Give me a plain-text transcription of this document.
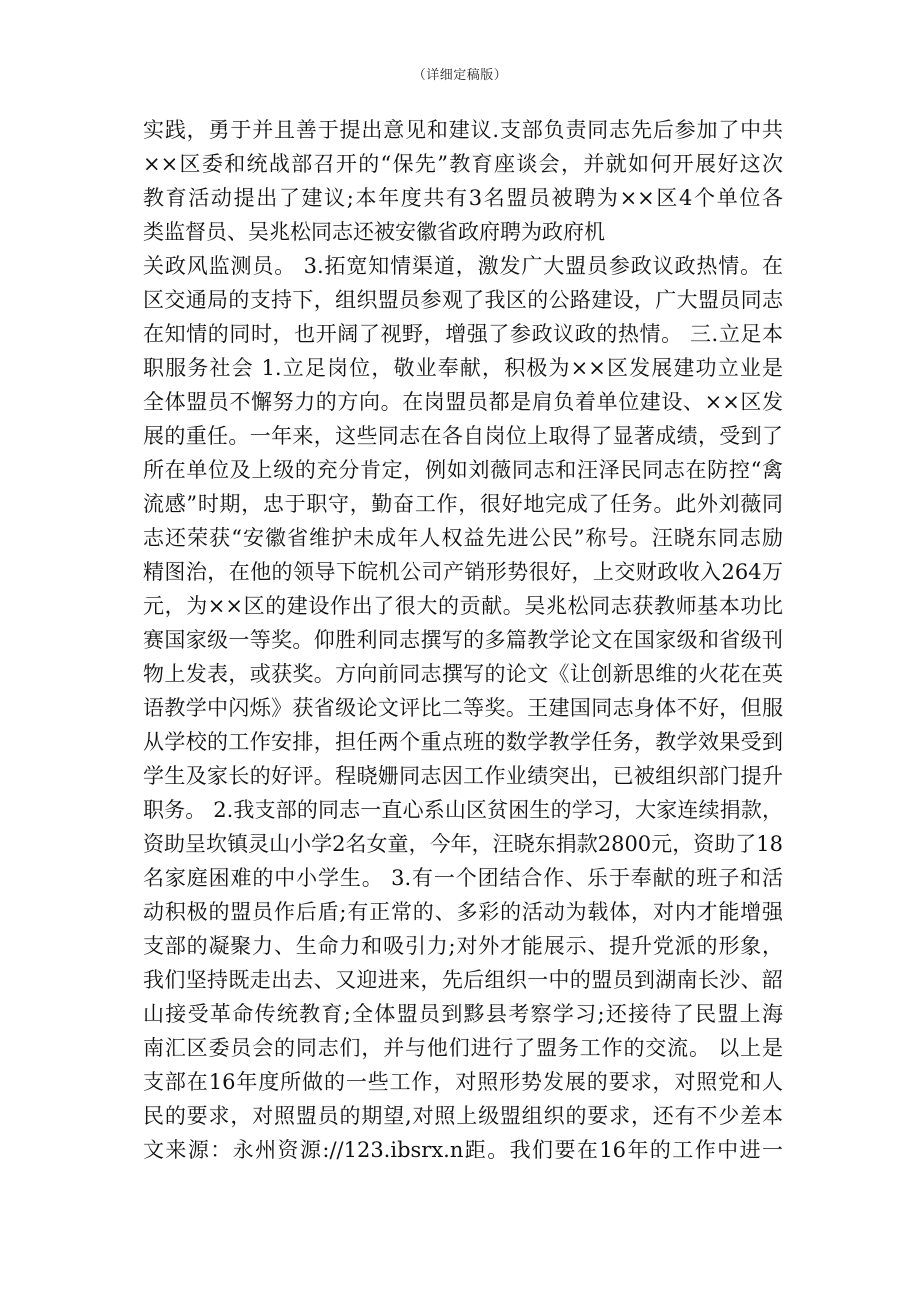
（详细定稿版）
实践，勇于并且善于提出意见和建议.支部负责同志先后参加了中共
××区委和统战部召开的“保先”教育座谈会，并就如何开展好这次
教育活动提出了建议;本年度共有3名盟员被聘为××区4个单位各
类监督员、吴兆松同志还被安徽省政府聘为政府机
关政风监测员。 3.拓宽知情渠道，激发广大盟员参政议政热情。在
区交通局的支持下，组织盟员参观了我区的公路建设，广大盟员同志
在知情的同时，也开阔了视野，增强了参政议政的热情。 三.立足本
职服务社会 1.立足岗位，敬业奉献，积极为××区发展建功立业是
全体盟员不懈努力的方向。在岗盟员都是肩负着单位建设、××区发
展的重任。一年来，这些同志在各自岗位上取得了显著成绩，受到了
所在单位及上级的充分肯定，例如刘薇同志和汪泽民同志在防控“禽
流感”时期，忠于职守，勤奋工作，很好地完成了任务。此外刘薇同
志还荣获“安徽省维护未成年人权益先进公民”称号。汪晓东同志励
精图治，在他的领导下皖机公司产销形势很好，上交财政收入264万
元，为××区的建设作出了很大的贡献。吴兆松同志获教师基本功比
赛国家级一等奖。仰胜利同志撰写的多篇教学论文在国家级和省级刊
物上发表，或获奖。方向前同志撰写的论文《让创新思维的火花在英
语教学中闪烁》获省级论文评比二等奖。王建国同志身体不好，但服
从学校的工作安排，担任两个重点班的数学教学任务，教学效果受到
学生及家长的好评。程晓姗同志因工作业绩突出，已被组织部门提升
职务。 2.我支部的同志一直心系山区贫困生的学习，大家连续捐款，
资助呈坎镇灵山小学2名女童，今年，汪晓东捐款2800元，资助了18
名家庭困难的中小学生。 3.有一个团结合作、乐于奉献的班子和活
动积极的盟员作后盾;有正常的、多彩的活动为载体，对内才能增强
支部的凝聚力、生命力和吸引力;对外才能展示、提升党派的形象，
我们坚持既走出去、又迎进来，先后组织一中的盟员到湖南长沙、韶
山接受革命传统教育;全体盟员到黟县考察学习;还接待了民盟上海
南汇区委员会的同志们，并与他们进行了盟务工作的交流。 以上是
支部在16年度所做的一些工作，对照形势发展的要求，对照党和人
民的要求，对照盟员的期望,对照上级盟组织的要求，还有不少差本
文来源：永州资源://123.ibsrx.n距。我们要在16年的工作中进一
